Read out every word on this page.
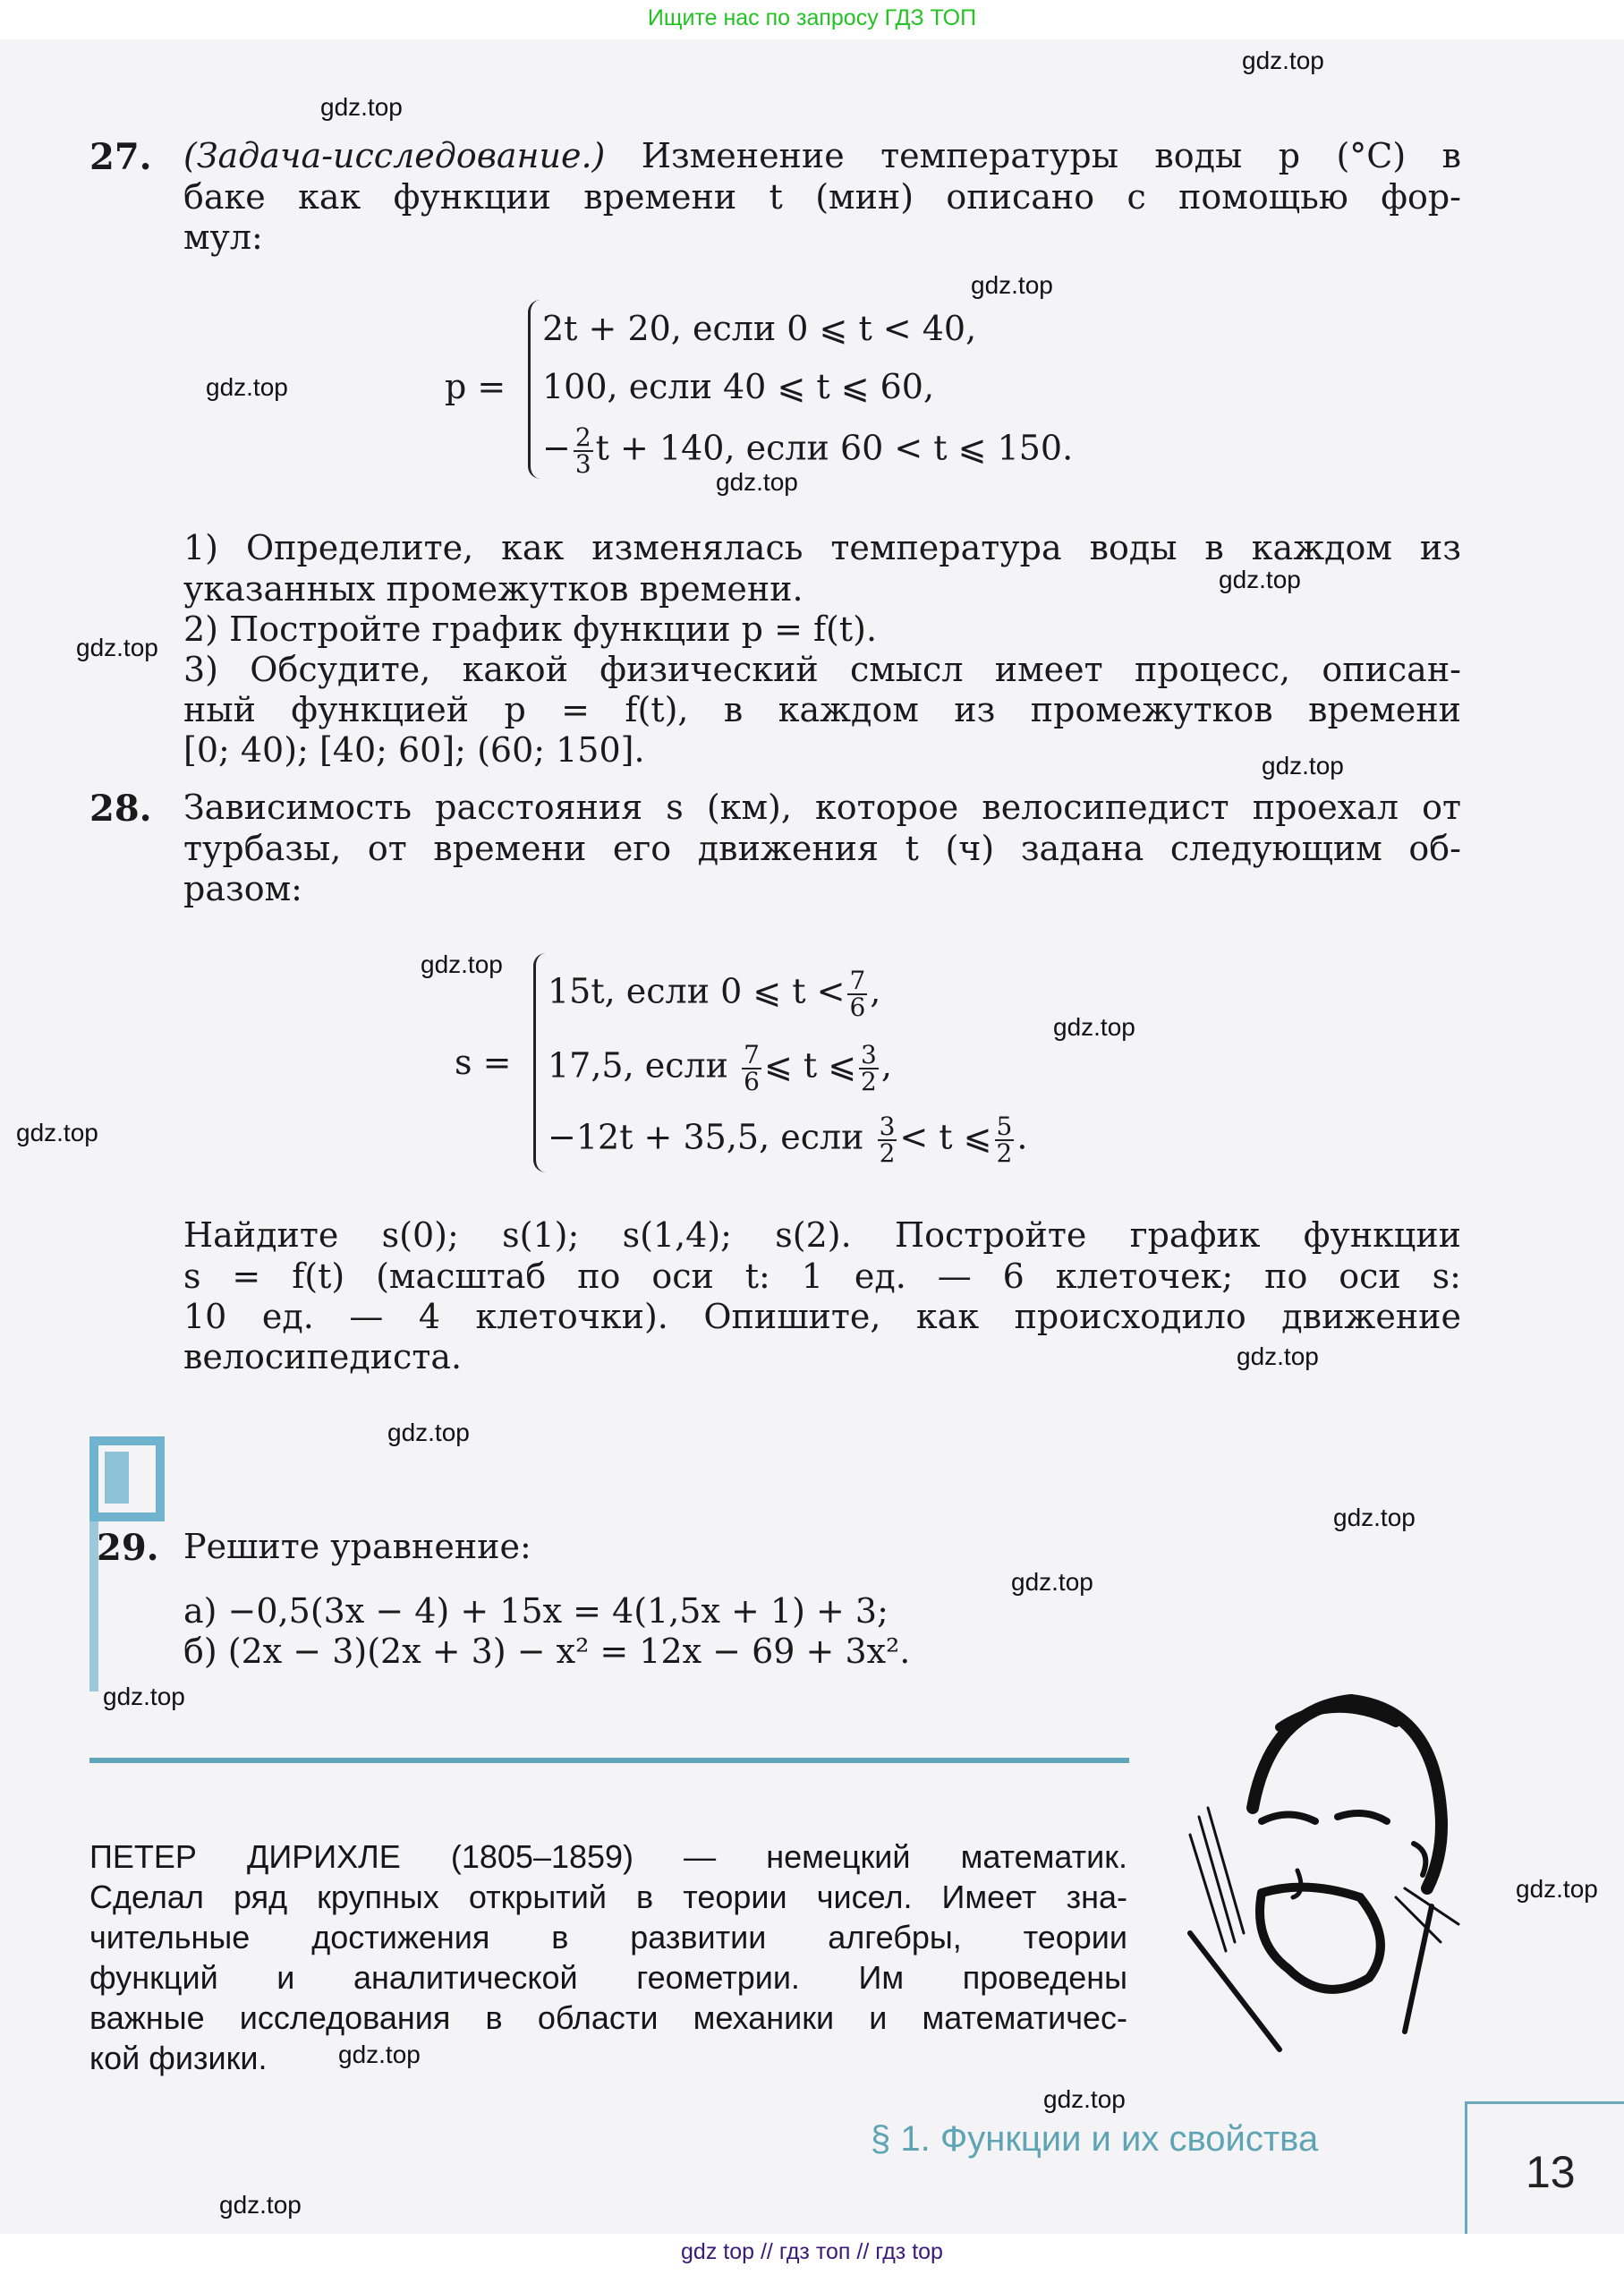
Ищите нас по запросу ГДЗ ТОП
27. (Задача-исследование.) Изменение температуры воды p (°C) в
баке как функции времени t (мин) описано с помощью фор-
мул:
p =
2t + 20, если 0 ⩽ t < 40,
100, если 40 ⩽ t ⩽ 60,
− $\frac{2}{3}$ t + 140, если 60 < t ⩽ 150.
1) Определите, как изменялась температура воды в каждом из
указанных промежутков времени.
2) Постройте график функции p = f(t).
3) Обсудите, какой физический смысл имеет процесс, описан-
ный функцией p = f(t), в каждом из промежутков времени
[0; 40); [40; 60]; (60; 150].
28. Зависимость расстояния s (км), которое велосипедист проехал от
турбазы, от времени его движения t (ч) задана следующим об-
разом:
s =
15t, если 0 ⩽ $t < \frac{7}{6}$ ,
17,5, если $\frac{7}{6}$ ⩽ t ⩽ $\frac{3}{2}$ ,
−12t + 35,5, если $\frac{3}{2} < t$ ⩽ $\frac{5}{2}$ .
Найдите s(0); s(1); s(1,4); s(2). Постройте график функции
s = f(t) (масштаб по оси t: 1 ед. — 6 клеточек; по оси s:
10 ед. — 4 клеточки). Опишите, как происходило движение
велосипедиста.
29. Решите уравнение:
а) −0,5(3x − 4) + 15x = 4(1,5x + 1) + 3;
б) (2x − 3)(2x + 3) − x² = 12x − 69 + 3x².
ПЕТЕР ДИРИХЛЕ (1805–1859) — немецкий математик.
Сделал ряд крупных открытий в теории чисел. Имеет зна-
чительные достижения в развитии алгебры, теории
функций и аналитической геометрии. Им проведены
важные исследования в области механики и математичес-
кой физики.
§ 1. Функции и их свойства
13
gdz.top
gdz.top
gdz.top
gdz.top
gdz.top
gdz.top
gdz.top
gdz.top
gdz.top
gdz.top
gdz.top
gdz.top
gdz.top
gdz.top
gdz.top
gdz.top
gdz.top
gdz.top
gdz.top
gdz.top
gdz top // гдз топ // гдз top
